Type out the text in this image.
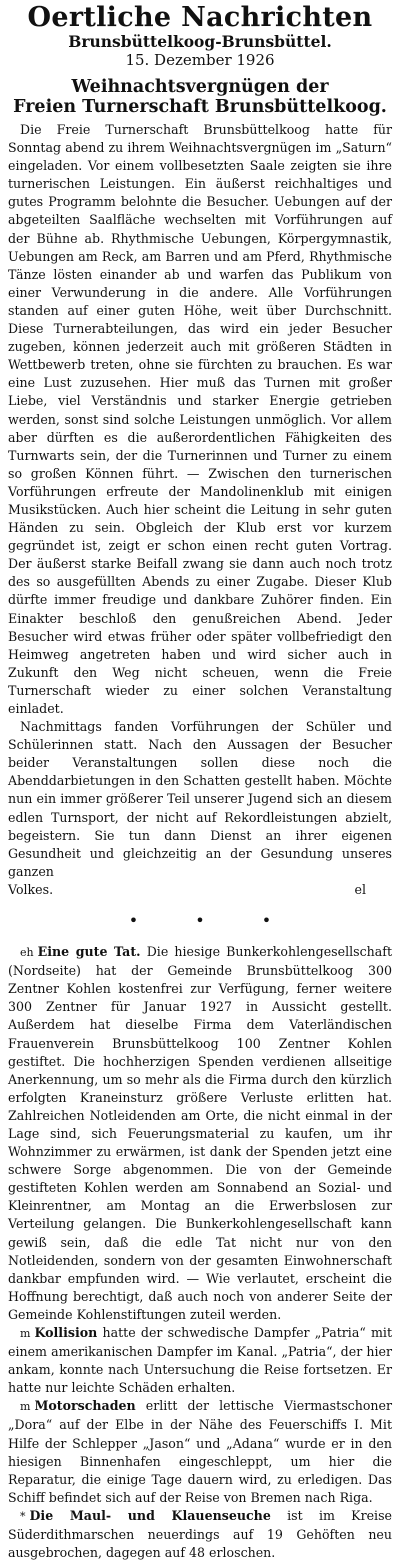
Oertliche Nachrichten

Brunsbüttelkoog-Brunsbüttel.

15. Dezember 1926

Weihnachtsvergnügen der
Freien Turnerschaft Brunsbüttelkoog.

Die Freie Turnerschaft Brunsbüttelkoog hatte für Sonntag abend zu ihrem Weihnachtsvergnügen im „Saturn“ eingeladen. Vor einem vollbesetzten Saale zeigten sie ihre turnerischen Leistungen. Ein äußerst reichhaltiges und gutes Programm belohnte die Besucher. Uebungen auf der abgeteilten Saalfläche wechselten mit Vorführungen auf der Bühne ab. Rhythmische Uebungen, Körpergymnastik, Uebungen am Reck, am Barren und am Pferd, Rhythmische Tänze lösten einander ab und warfen das Publikum von einer Verwunderung in die andere. Alle Vorführungen standen auf einer guten Höhe, weit über Durchschnitt. Diese Turnerabteilungen, das wird ein jeder Besucher zugeben, können jederzeit auch mit größeren Städten in Wettbewerb treten, ohne sie fürchten zu brauchen. Es war eine Lust zuzusehen. Hier muß das Turnen mit großer Liebe, viel Verständnis und starker Energie getrieben werden, sonst sind solche Leistungen unmöglich. Vor allem aber dürften es die außerordentlichen Fähigkeiten des Turnwarts sein, der die Turnerinnen und Turner zu einem so großen Können führt. — Zwischen den turnerischen Vorführungen erfreute der Mandolinenklub mit einigen Musikstücken. Auch hier scheint die Leitung in sehr guten Händen zu sein. Obgleich der Klub erst vor kurzem gegründet ist, zeigt er schon einen recht guten Vortrag. Der äußerst starke Beifall zwang sie dann auch noch trotz des so ausgefüllten Abends zu einer Zugabe. Dieser Klub dürfte immer freudige und dankbare Zuhörer finden. Ein Einakter beschloß den genußreichen Abend. Jeder Besucher wird etwas früher oder später vollbefriedigt den Heimweg angetreten haben und wird sicher auch in Zukunft den Weg nicht scheuen, wenn die Freie Turnerschaft wieder zu einer solchen Veranstaltung einladet.

Nachmittags fanden Vorführungen der Schüler und Schülerinnen statt. Nach den Aussagen der Besucher beider Veranstaltungen sollen diese noch die Abenddarbietungen in den Schatten gestellt haben. Möchte nun ein immer größerer Teil unserer Jugend sich an diesem edlen Turnsport, der nicht auf Rekordleistungen abzielt, begeistern. Sie tun dann Dienst an ihrer eigenen Gesundheit und gleichzeitig an der Gesundung unseres ganzen

Volkes.	el
• • •

eh Eine gute Tat. Die hiesige Bunkerkohlengesellschaft (Nordseite) hat der Gemeinde Brunsbüttelkoog 300 Zentner Kohlen kostenfrei zur Verfügung, ferner weitere 300 Zentner für Januar 1927 in Aussicht gestellt. Außerdem hat dieselbe Firma dem Vaterländischen Frauenverein Brunsbüttelkoog 100 Zentner Kohlen gestiftet. Die hochherzigen Spenden verdienen allseitige Anerkennung, um so mehr als die Firma durch den kürzlich erfolgten Kraneinsturz größere Verluste erlitten hat. Zahlreichen Notleidenden am Orte, die nicht einmal in der Lage sind, sich Feuerungsmaterial zu kaufen, um ihr Wohnzimmer zu erwärmen, ist dank der Spenden jetzt eine schwere Sorge abgenommen. Die von der Gemeinde gestifteten Kohlen werden am Sonnabend an Sozial- und Kleinrentner, am Montag an die Erwerbslosen zur Verteilung gelangen. Die Bunkerkohlengesellschaft kann gewiß sein, daß die edle Tat nicht nur von den Notleidenden, sondern von der gesamten Einwohnerschaft dankbar empfunden wird. — Wie verlautet, erscheint die Hoffnung berechtigt, daß auch noch von anderer Seite der Gemeinde Kohlenstiftungen zuteil werden.

m Kollision hatte der schwedische Dampfer „Patria“ mit einem amerikanischen Dampfer im Kanal. „Patria“, der hier ankam, konnte nach Untersuchung die Reise fortsetzen. Er hatte nur leichte Schäden erhalten.

m Motorschaden erlitt der lettische Viermastschoner „Dora“ auf der Elbe in der Nähe des Feuerschiffs I. Mit Hilfe der Schlepper „Jason“ und „Adana“ wurde er in den hiesigen Binnenhafen eingeschleppt, um hier die Reparatur, die einige Tage dauern wird, zu erledigen. Das Schiff befindet sich auf der Reise von Bremen nach Riga.

* Die Maul- und Klauenseuche ist im Kreise Süderdithmarschen neuerdings auf 19 Gehöften neu ausgebrochen, dagegen auf 48 erloschen.
